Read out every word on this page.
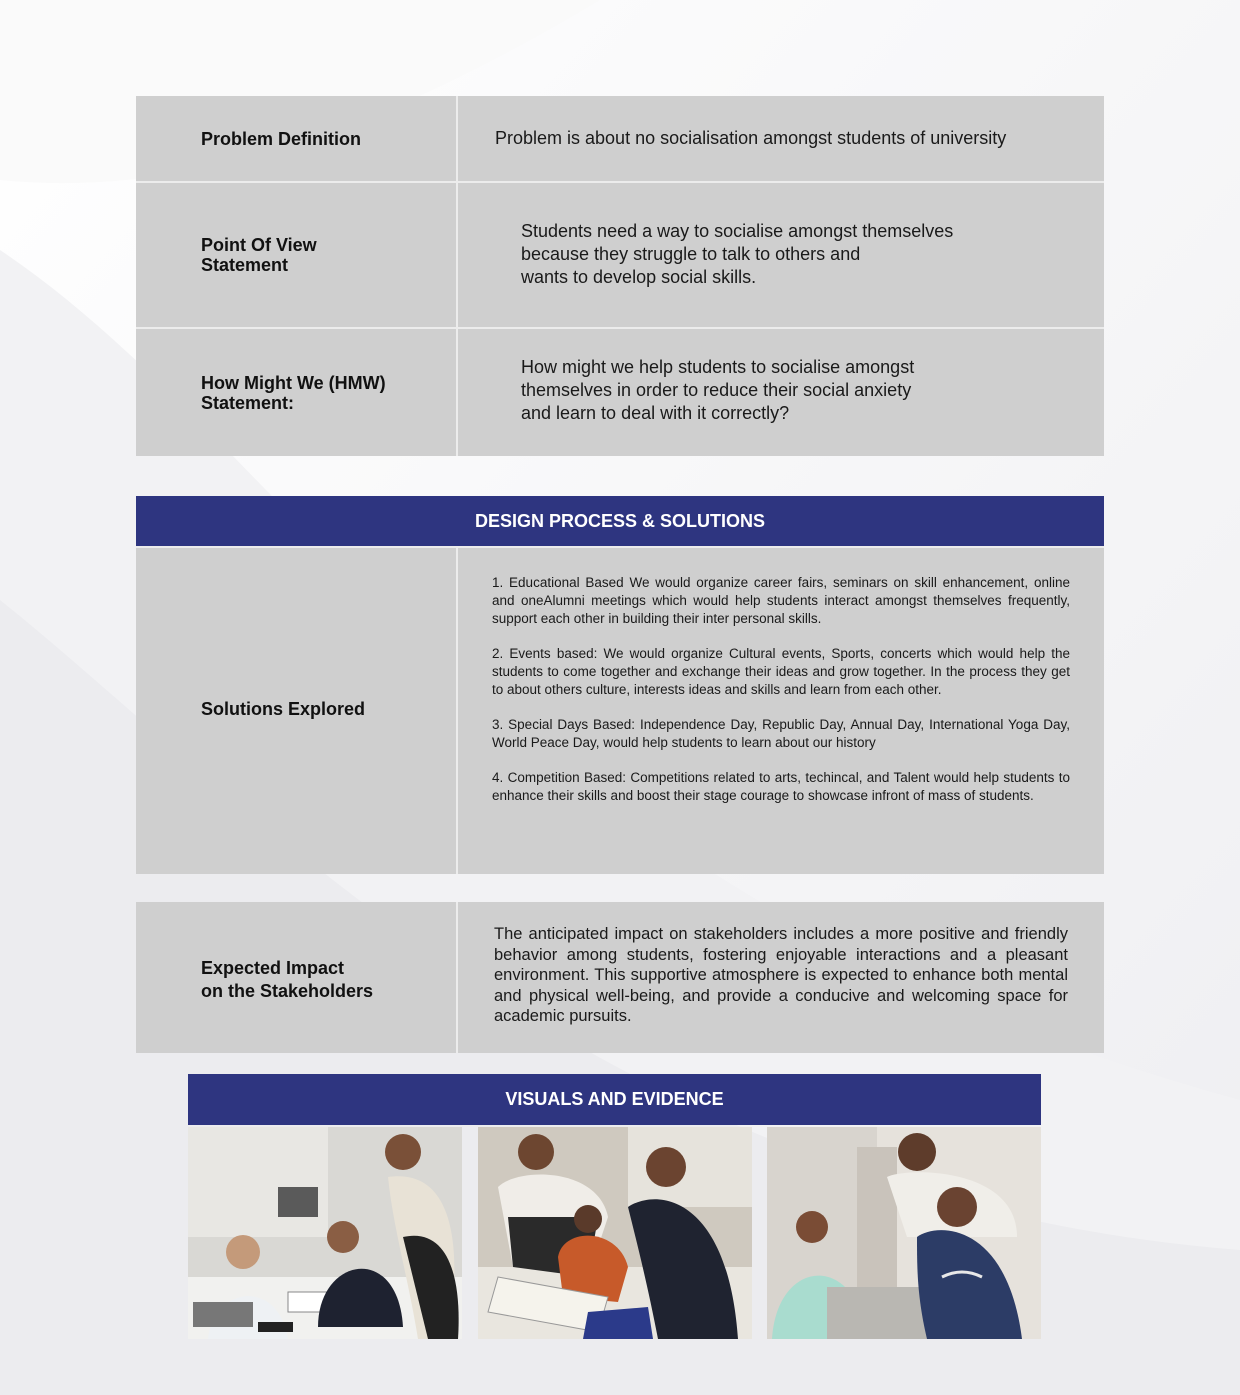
Problem Definition	Problem is about no socialisation amongst students of university
Point Of View
Statement
Students need a way to socialise amongst themselves
because they struggle to talk to others and
wants to develop social skills.
How Might We (HMW)
Statement:
How might we help students to socialise amongst
themselves in order to reduce their social anxiety
and learn to deal with it correctly?
DESIGN PROCESS & SOLUTIONS
Solutions Explored

1. Educational Based We would organize career fairs, seminars on skill enhancement, online and oneAlumni meetings which would help students interact amongst themselves frequently, support each other in building their inter personal skills.

2. Events based: We would organize Cultural events, Sports, concerts which would help the students to come together and exchange their ideas and grow together. In the process they get to about others culture, interests ideas and skills and learn from each other.

3. Special Days Based: Independence Day, Republic Day, Annual Day, International Yoga Day, World Peace Day, would help students to learn about our history

4. Competition Based: Competitions related to arts, techincal, and Talent would help students to enhance their skills and boost their stage courage to showcase infront of mass of students.

Expected Impact
on the Stakeholders
The anticipated impact on stakeholders includes a more positive and friendly behavior among students, fostering enjoyable interactions and a pleasant environment. This supportive atmosphere is expected to enhance both mental and physical well-being, and provide a conducive and welcoming space for academic pursuits.
VISUALS AND EVIDENCE
